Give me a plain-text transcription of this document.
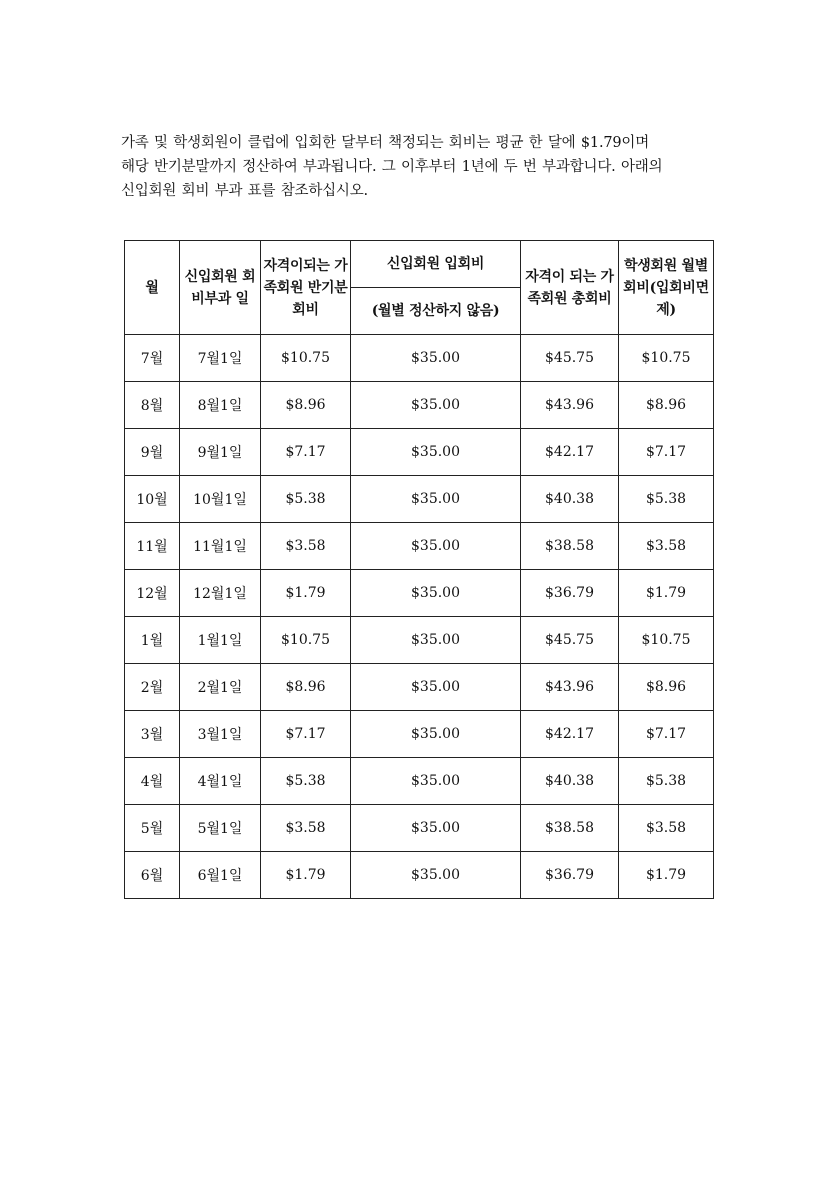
가족 및 학생회원이 클럽에 입회한 달부터 책정되는 회비는 평균 한 달에 $1.79이며

해당 반기분말까지 정산하여 부과됩니다. 그 이후부터 1년에 두 번 부과합니다. 아래의

신입회원 회비 부과 표를 참조하십시오.

월	신입회원 회비부과 일	자격이되는 가족회원 반기분회비	신입회원 입회비	자격이 되는 가족회원 총회비	학생회원 월별회비(입회비면제)
			(월별 정산하지 않음)		
7월	7월1일	$10.75	$35.00	$45.75	$10.75
8월	8월1일	$8.96	$35.00	$43.96	$8.96
9월	9월1일	$7.17	$35.00	$42.17	$7.17
10월	10월1일	$5.38	$35.00	$40.38	$5.38
11월	11월1일	$3.58	$35.00	$38.58	$3.58
12월	12월1일	$1.79	$35.00	$36.79	$1.79
1월	1월1일	$10.75	$35.00	$45.75	$10.75
2월	2월1일	$8.96	$35.00	$43.96	$8.96
3월	3월1일	$7.17	$35.00	$42.17	$7.17
4월	4월1일	$5.38	$35.00	$40.38	$5.38
5월	5월1일	$3.58	$35.00	$38.58	$3.58
6월	6월1일	$1.79	$35.00	$36.79	$1.79
